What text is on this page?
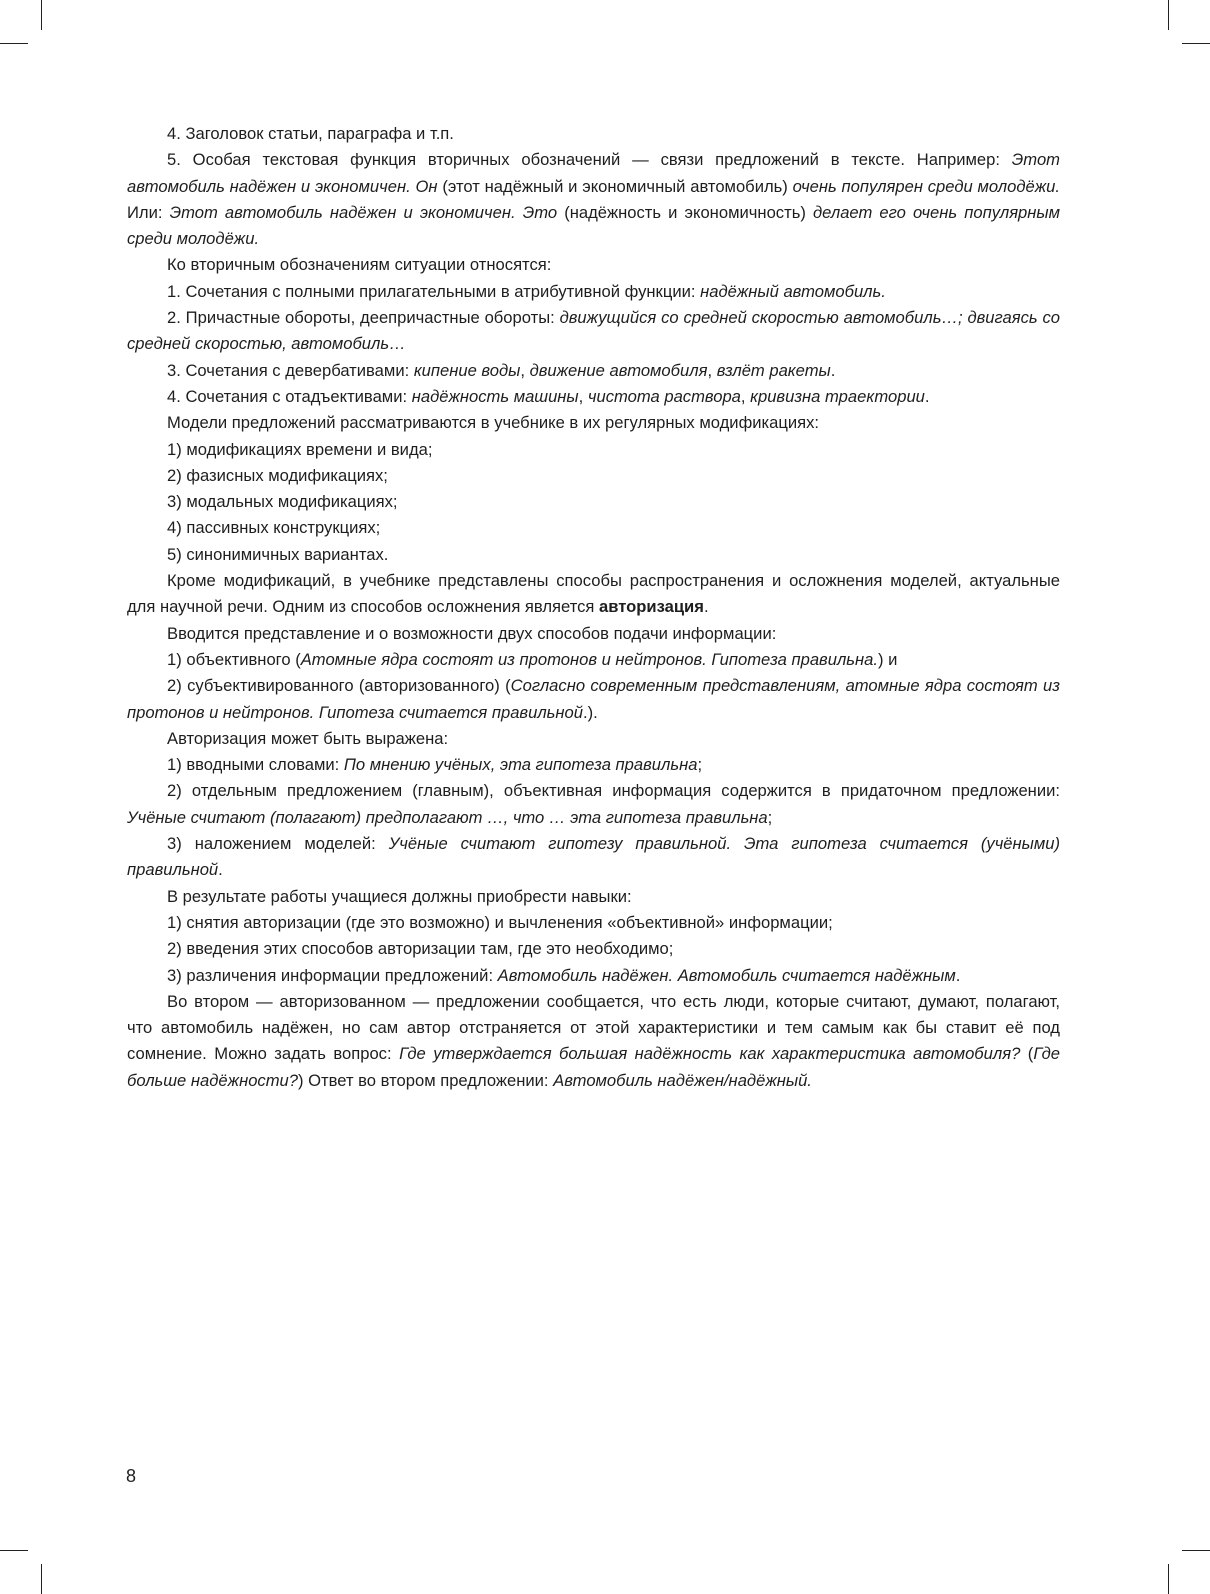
4. Заголовок статьи, параграфа и т.п.

5. Особая текстовая функция вторичных обозначений — связи предложений в тексте. Например: Этот автомобиль надёжен и экономичен. Он (этот надёжный и экономичный автомобиль) очень популярен среди молодёжи. Или: Этот автомобиль надёжен и экономичен. Это (надёжность и экономичность) делает его очень популярным среди молодёжи.

Ко вторичным обозначениям ситуации относятся:

1. Сочетания с полными прилагательными в атрибутивной функции: надёжный автомобиль.

2. Причастные обороты, деепричастные обороты: движущийся со средней скоростью автомобиль…; двигаясь со средней скоростью, автомобиль…

3. Сочетания с девербативами: кипение воды, движение автомобиля, взлёт ракеты.

4. Сочетания с отадъективами: надёжность машины, чистота раствора, кривизна траектории.

Модели предложений рассматриваются в учебнике в их регулярных модификациях:

1) модификациях времени и вида;

2) фазисных модификациях;

3) модальных модификациях;

4) пассивных конструкциях;

5) синонимичных вариантах.

Кроме модификаций, в учебнике представлены способы распространения и осложнения моделей, актуальные для научной речи. Одним из способов осложнения является авторизация.

Вводится представление и о возможности двух способов подачи информации:

1) объективного (Атомные ядра состоят из протонов и нейтронов. Гипотеза правильна.) и

2) субъективированного (авторизованного) (Согласно современным представлениям, атомные ядра состоят из протонов и нейтронов. Гипотеза считается правильной.).

Авторизация может быть выражена:

1) вводными словами: По мнению учёных, эта гипотеза правильна;

2) отдельным предложением (главным), объективная информация содержится в придаточном предложении: Учёные считают (полагают) предполагают …, что … эта гипотеза правильна;

3) наложением моделей: Учёные считают гипотезу правильной. Эта гипотеза считается (учёными) правильной.

В результате работы учащиеся должны приобрести навыки:

1) снятия авторизации (где это возможно) и вычленения «объективной» информации;

2) введения этих способов авторизации там, где это необходимо;

3) различения информации предложений: Автомобиль надёжен. Автомобиль считается надёжным.

Во втором — авторизованном — предложении сообщается, что есть люди, которые считают, думают, полагают, что автомобиль надёжен, но сам автор отстраняется от этой характеристики и тем самым как бы ставит её под сомнение. Можно задать вопрос: Где утверждается большая надёжность как характеристика автомобиля? (Где больше надёжности?) Ответ во втором предложении: Автомобиль надёжен/надёжный.

8
